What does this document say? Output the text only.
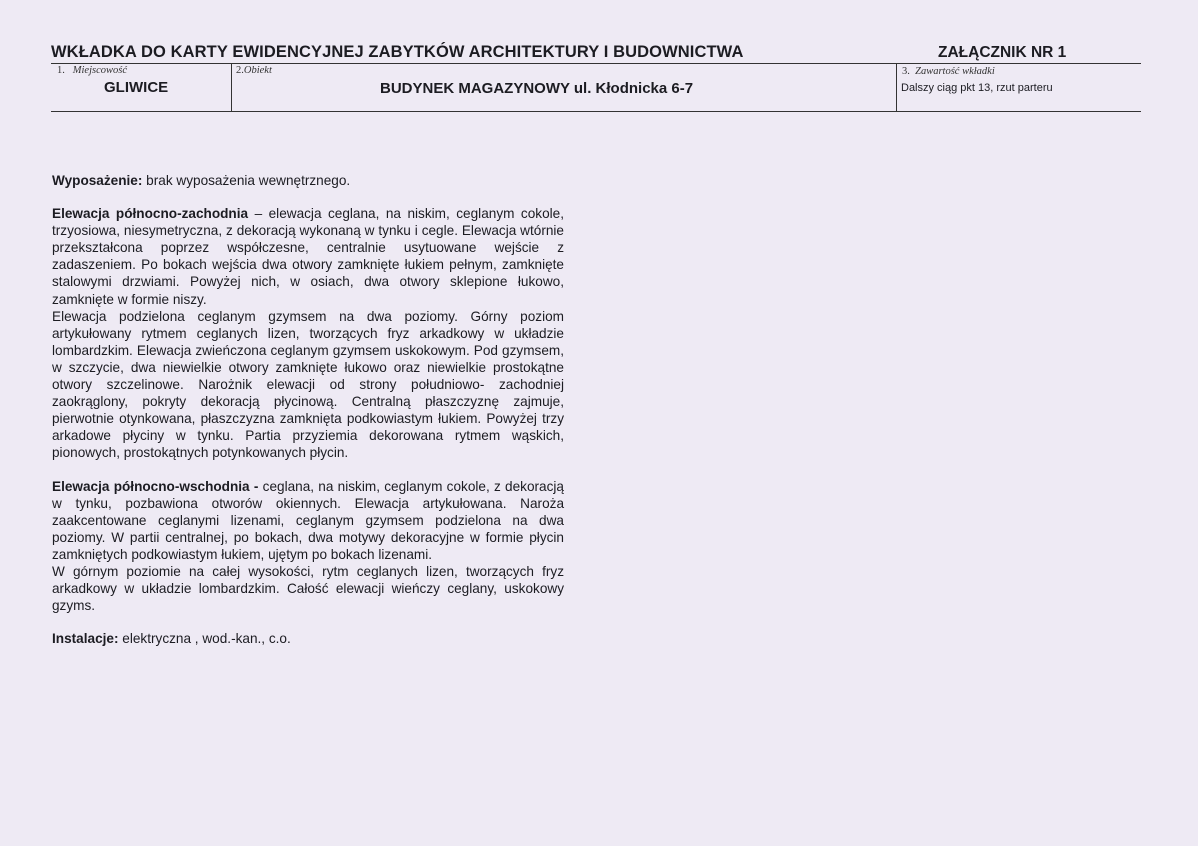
WKŁADKA DO KARTY EWIDENCYJNEJ ZABYTKÓW ARCHITEKTURY I BUDOWNICTWA	ZAŁĄCZNIK NR 1
1. Miejscowość
GLIWICE
2.Obiekt
BUDYNEK MAGAZYNOWY ul. Kłodnicka 6-7
3. Zawartość wkładki
Dalszy ciąg pkt 13, rzut parteru

Wyposażenie: brak wyposażenia wewnętrznego.

Elewacja północno-zachodnia – elewacja ceglana, na niskim, ceglanym cokole, trzyosiowa, niesymetryczna, z dekoracją wykonaną w tynku i cegle. Elewacja wtórnie przekształcona poprzez współczesne, centralnie usytuowane wejście z zadaszeniem. Po bokach wejścia dwa otwory zamknięte łukiem pełnym, zamknięte stalowymi drzwiami. Powyżej nich, w osiach, dwa otwory sklepione łukowo, zamknięte w formie niszy.

Elewacja podzielona ceglanym gzymsem na dwa poziomy. Górny poziom artykułowany rytmem ceglanych lizen, tworzących fryz arkadkowy w układzie lombardzkim. Elewacja zwieńczona ceglanym gzymsem uskokowym. Pod gzymsem, w szczycie, dwa niewielkie otwory zamknięte łukowo oraz niewielkie prostokątne otwory szczelinowe. Narożnik elewacji od strony południowo- zachodniej zaokrąglony, pokryty dekoracją płycinową. Centralną płaszczyznę zajmuje, pierwotnie otynkowana, płaszczyzna zamknięta podkowiastym łukiem. Powyżej trzy arkadowe płyciny w tynku. Partia przyziemia dekorowana rytmem wąskich, pionowych, prostokątnych potynkowanych płycin.

Elewacja północno-wschodnia - ceglana, na niskim, ceglanym cokole, z dekoracją w tynku, pozbawiona otworów okiennych. Elewacja artykułowana. Naroża zaakcentowane ceglanymi lizenami, ceglanym gzymsem podzielona na dwa poziomy. W partii centralnej, po bokach, dwa motywy dekoracyjne w formie płycin zamkniętych podkowiastym łukiem, ujętym po bokach lizenami.

W górnym poziomie na całej wysokości, rytm ceglanych lizen, tworzących fryz arkadkowy w układzie lombardzkim. Całość elewacji wieńczy ceglany, uskokowy gzyms.

Instalacje: elektryczna , wod.-kan., c.o.
